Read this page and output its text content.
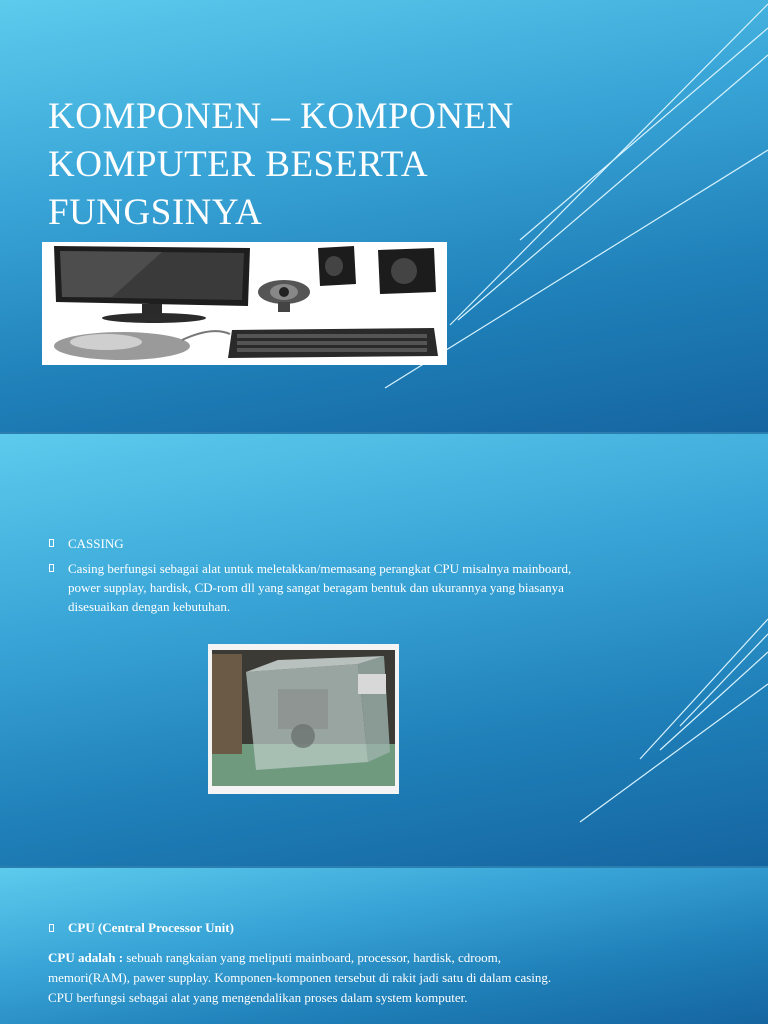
KOMPONEN – KOMPONEN
KOMPUTER BESERTA
FUNGSINYA
CASSING
Casing berfungsi sebagai alat untuk meletakkan/memasang perangkat CPU misalnya mainboard, power supplay, hardisk, CD-rom dll yang sangat beragam bentuk dan ukurannya yang biasanya disesuaikan dengan kebutuhan.
CPU (Central Processor Unit)

CPU adalah : sebuah rangkaian yang meliputi mainboard, processor, hardisk, cdroom, memori(RAM), pawer supplay. Komponen-komponen tersebut di rakit jadi satu di dalam casing.

CPU berfungsi sebagai alat yang mengendalikan proses dalam system komputer.
